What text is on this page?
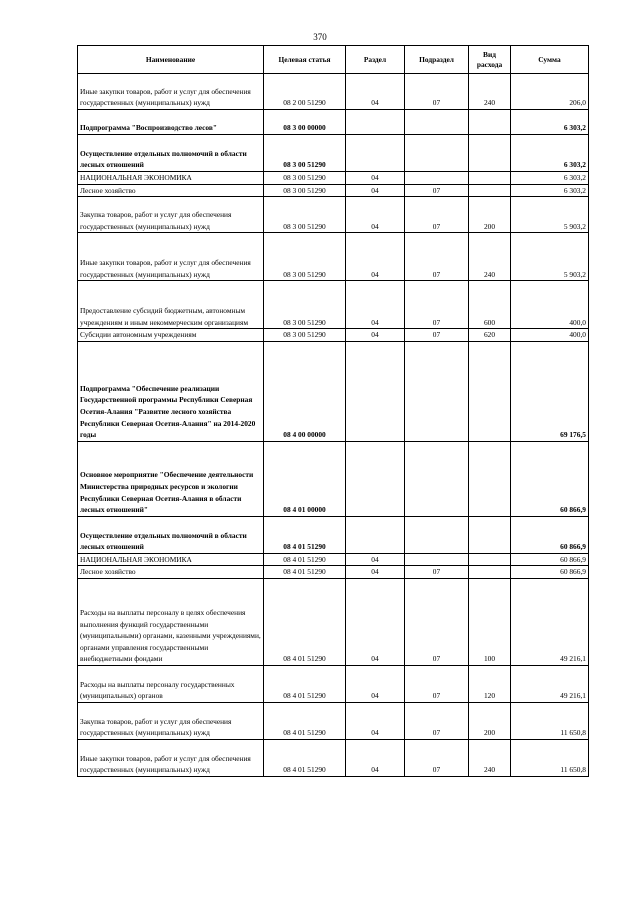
370
Наименование	Целевая статья	Раздел	Подраздел	Вид расхода	Сумма
Иные закупки товаров, работ и услуг для обеспечения государственных (муниципальных) нужд	08 2 00 51290	04	07	240	206,0
Подпрограмма "Воспроизводство лесов"	08 3 00 00000				6 303,2
Осуществление отдельных полномочий в области лесных отношений	08 3 00 51290				6 303,2
НАЦИОНАЛЬНАЯ ЭКОНОМИКА	08 3 00 51290	04			6 303,2
Лесное хозяйство	08 3 00 51290	04	07		6 303,2
Закупка товаров, работ и услуг для обеспечения государственных (муниципальных) нужд	08 3 00 51290	04	07	200	5 903,2
Иные закупки товаров, работ и услуг для обеспечения государственных (муниципальных) нужд	08 3 00 51290	04	07	240	5 903,2
Предоставление субсидий бюджетным, автономным учреждениям и иным некоммерческим организациям	08 3 00 51290	04	07	600	400,0
Субсидии автономным учреждениям	08 3 00 51290	04	07	620	400,0
Подпрограмма "Обеспечение реализации Государственной программы Республики Северная Осетия-Алания "Развитие лесного хозяйства Республики Северная Осетия-Алания" на 2014-2020 годы	08 4 00 00000				69 176,5
Основное мероприятие "Обеспечение деятельности Министерства природных ресурсов и экологии Республики Северная Осетия-Алания в области лесных отношений"	08 4 01 00000				60 866,9
Осуществление отдельных полномочий в области лесных отношений	08 4 01 51290				60 866,9
НАЦИОНАЛЬНАЯ ЭКОНОМИКА	08 4 01 51290	04			60 866,9
Лесное хозяйство	08 4 01 51290	04	07		60 866,9
Расходы на выплаты персоналу в целях обеспечения выполнения функций государственными (муниципальными) органами, казенными учреждениями, органами управления государственными внебюджетными фондами	08 4 01 51290	04	07	100	49 216,1
Расходы на выплаты персоналу государственных (муниципальных) органов	08 4 01 51290	04	07	120	49 216,1
Закупка товаров, работ и услуг для обеспечения государственных (муниципальных) нужд	08 4 01 51290	04	07	200	11 650,8
Иные закупки товаров, работ и услуг для обеспечения государственных (муниципальных) нужд	08 4 01 51290	04	07	240	11 650,8
